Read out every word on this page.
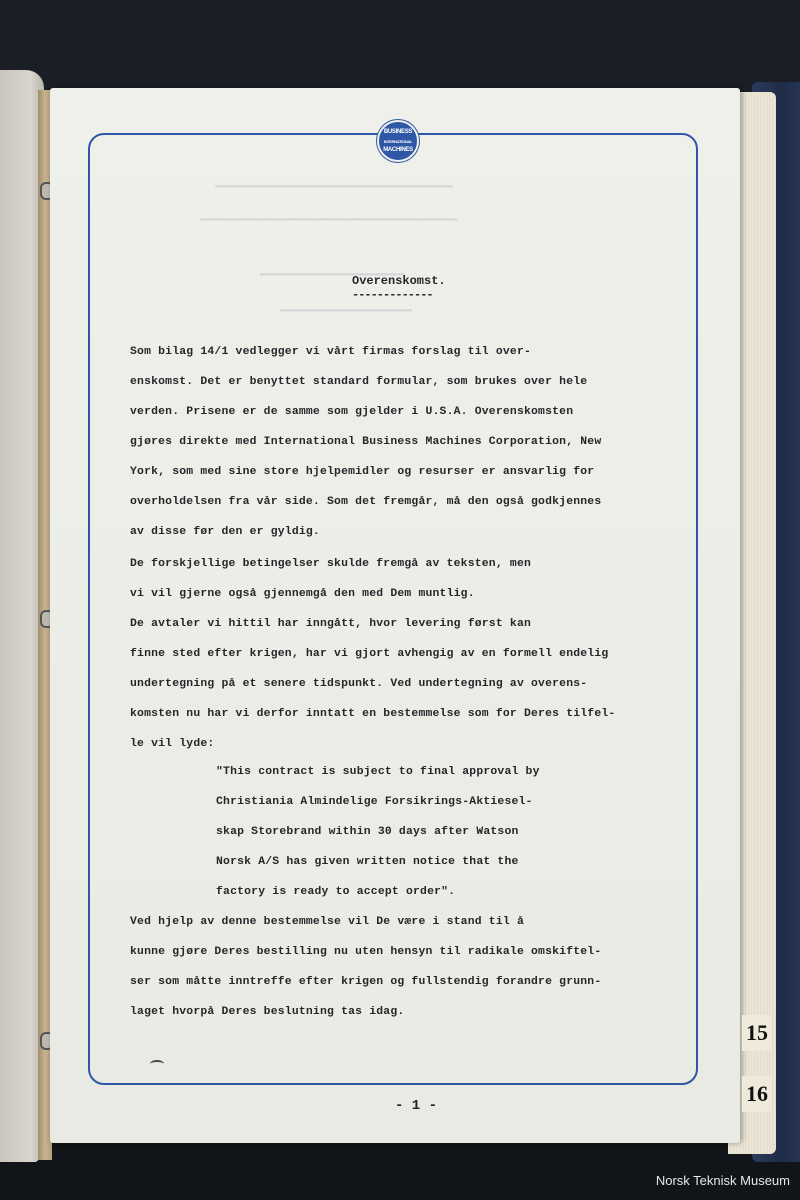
BUSINESS
INTERNATIONAL
MACHINES
▬▬▬▬▬▬▬▬▬▬▬▬▬▬▬▬▬▬▬▬▬▬▬▬▬▬▬▬▬▬▬▬▬▬▬▬
▬▬▬▬▬▬▬▬▬▬▬▬▬▬▬▬▬▬▬▬▬▬▬▬▬▬▬▬▬▬▬▬▬▬▬▬▬▬▬
▬▬▬▬▬▬▬▬▬▬▬▬▬▬▬▬▬▬▬▬▬▬
▬▬▬▬▬▬▬▬▬▬▬▬▬▬▬▬▬▬▬▬
Overenskomst.
-------------
Som bilag 14/1 vedlegger vi vårt firmas forslag til over-
enskomst. Det er benyttet standard formular, som brukes over hele
verden. Prisene er de samme som gjelder i U.S.A. Overenskomsten
gjøres direkte med International Business Machines Corporation, New
York, som med sine store hjelpemidler og resurser er ansvarlig for
overholdelsen fra vår side. Som det fremgår, må den også godkjennes
av disse før den er gyldig.
De forskjellige betingelser skulde fremgå av teksten, men
vi vil gjerne også gjennemgå den med Dem muntlig.
De avtaler vi hittil har inngått, hvor levering først kan
finne sted efter krigen, har vi gjort avhengig av en formell endelig
undertegning på et senere tidspunkt. Ved undertegning av overens-
komsten nu har vi derfor inntatt en bestemmelse som for Deres tilfel-
le vil lyde:
"This contract is subject to final approval by
Christiania Almindelige Forsikrings-Aktiesel-
skap Storebrand within 30 days after Watson
Norsk A/S has given written notice that the
factory is ready to accept order".
Ved hjelp av denne bestemmelse vil De være i stand til å
kunne gjøre Deres bestilling nu uten hensyn til radikale omskiftel-
ser som måtte inntreffe efter krigen og fullstendig forandre grunn-
laget hvorpå Deres beslutning tas idag.
- 1 -
15
16
Norsk Teknisk Museum
